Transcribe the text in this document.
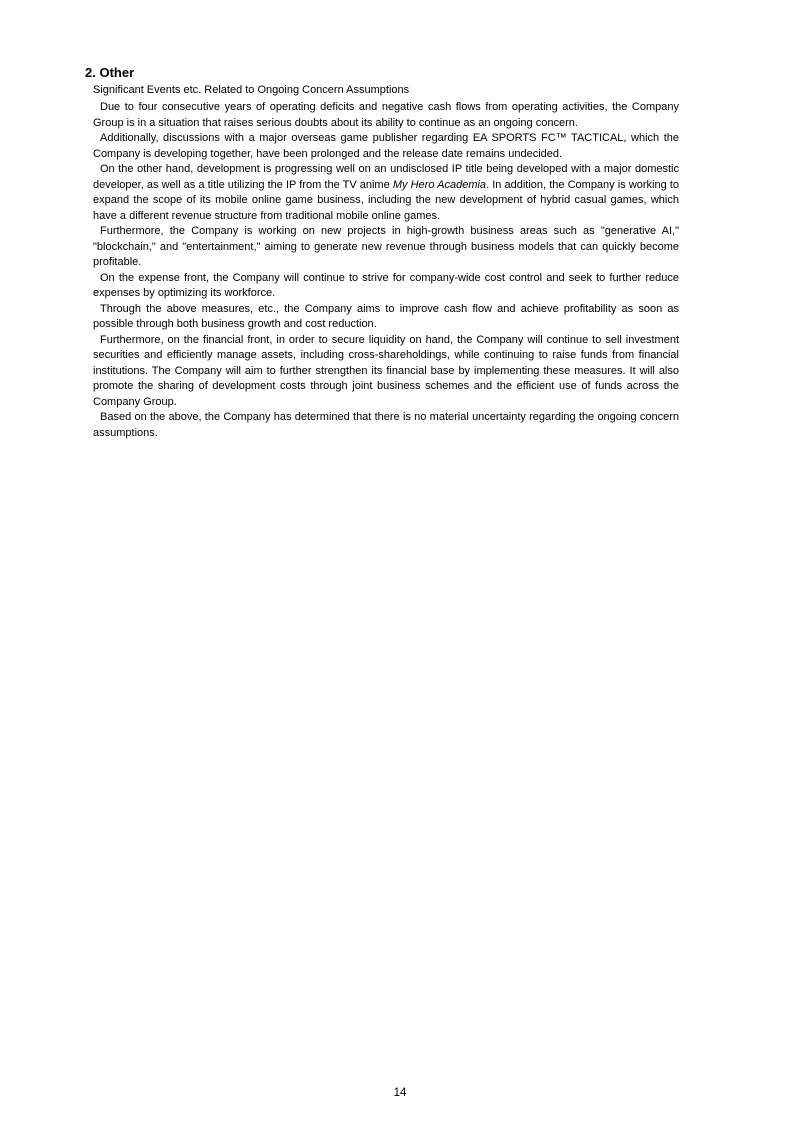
2. Other
Significant Events etc. Related to Ongoing Concern Assumptions

Due to four consecutive years of operating deficits and negative cash flows from operating activities, the Company Group is in a situation that raises serious doubts about its ability to continue as an ongoing concern.

Additionally, discussions with a major overseas game publisher regarding EA SPORTS FC™ TACTICAL, which the Company is developing together, have been prolonged and the release date remains undecided.

On the other hand, development is progressing well on an undisclosed IP title being developed with a major domestic developer, as well as a title utilizing the IP from the TV anime My Hero Academia. In addition, the Company is working to expand the scope of its mobile online game business, including the new development of hybrid casual games, which have a different revenue structure from traditional mobile online games.

Furthermore, the Company is working on new projects in high-growth business areas such as "generative AI," "blockchain," and "entertainment," aiming to generate new revenue through business models that can quickly become profitable.

On the expense front, the Company will continue to strive for company-wide cost control and seek to further reduce expenses by optimizing its workforce.

Through the above measures, etc., the Company aims to improve cash flow and achieve profitability as soon as possible through both business growth and cost reduction.

Furthermore, on the financial front, in order to secure liquidity on hand, the Company will continue to sell investment securities and efficiently manage assets, including cross-shareholdings, while continuing to raise funds from financial institutions. The Company will aim to further strengthen its financial base by implementing these measures. It will also promote the sharing of development costs through joint business schemes and the efficient use of funds across the Company Group.

Based on the above, the Company has determined that there is no material uncertainty regarding the ongoing concern assumptions.

14
